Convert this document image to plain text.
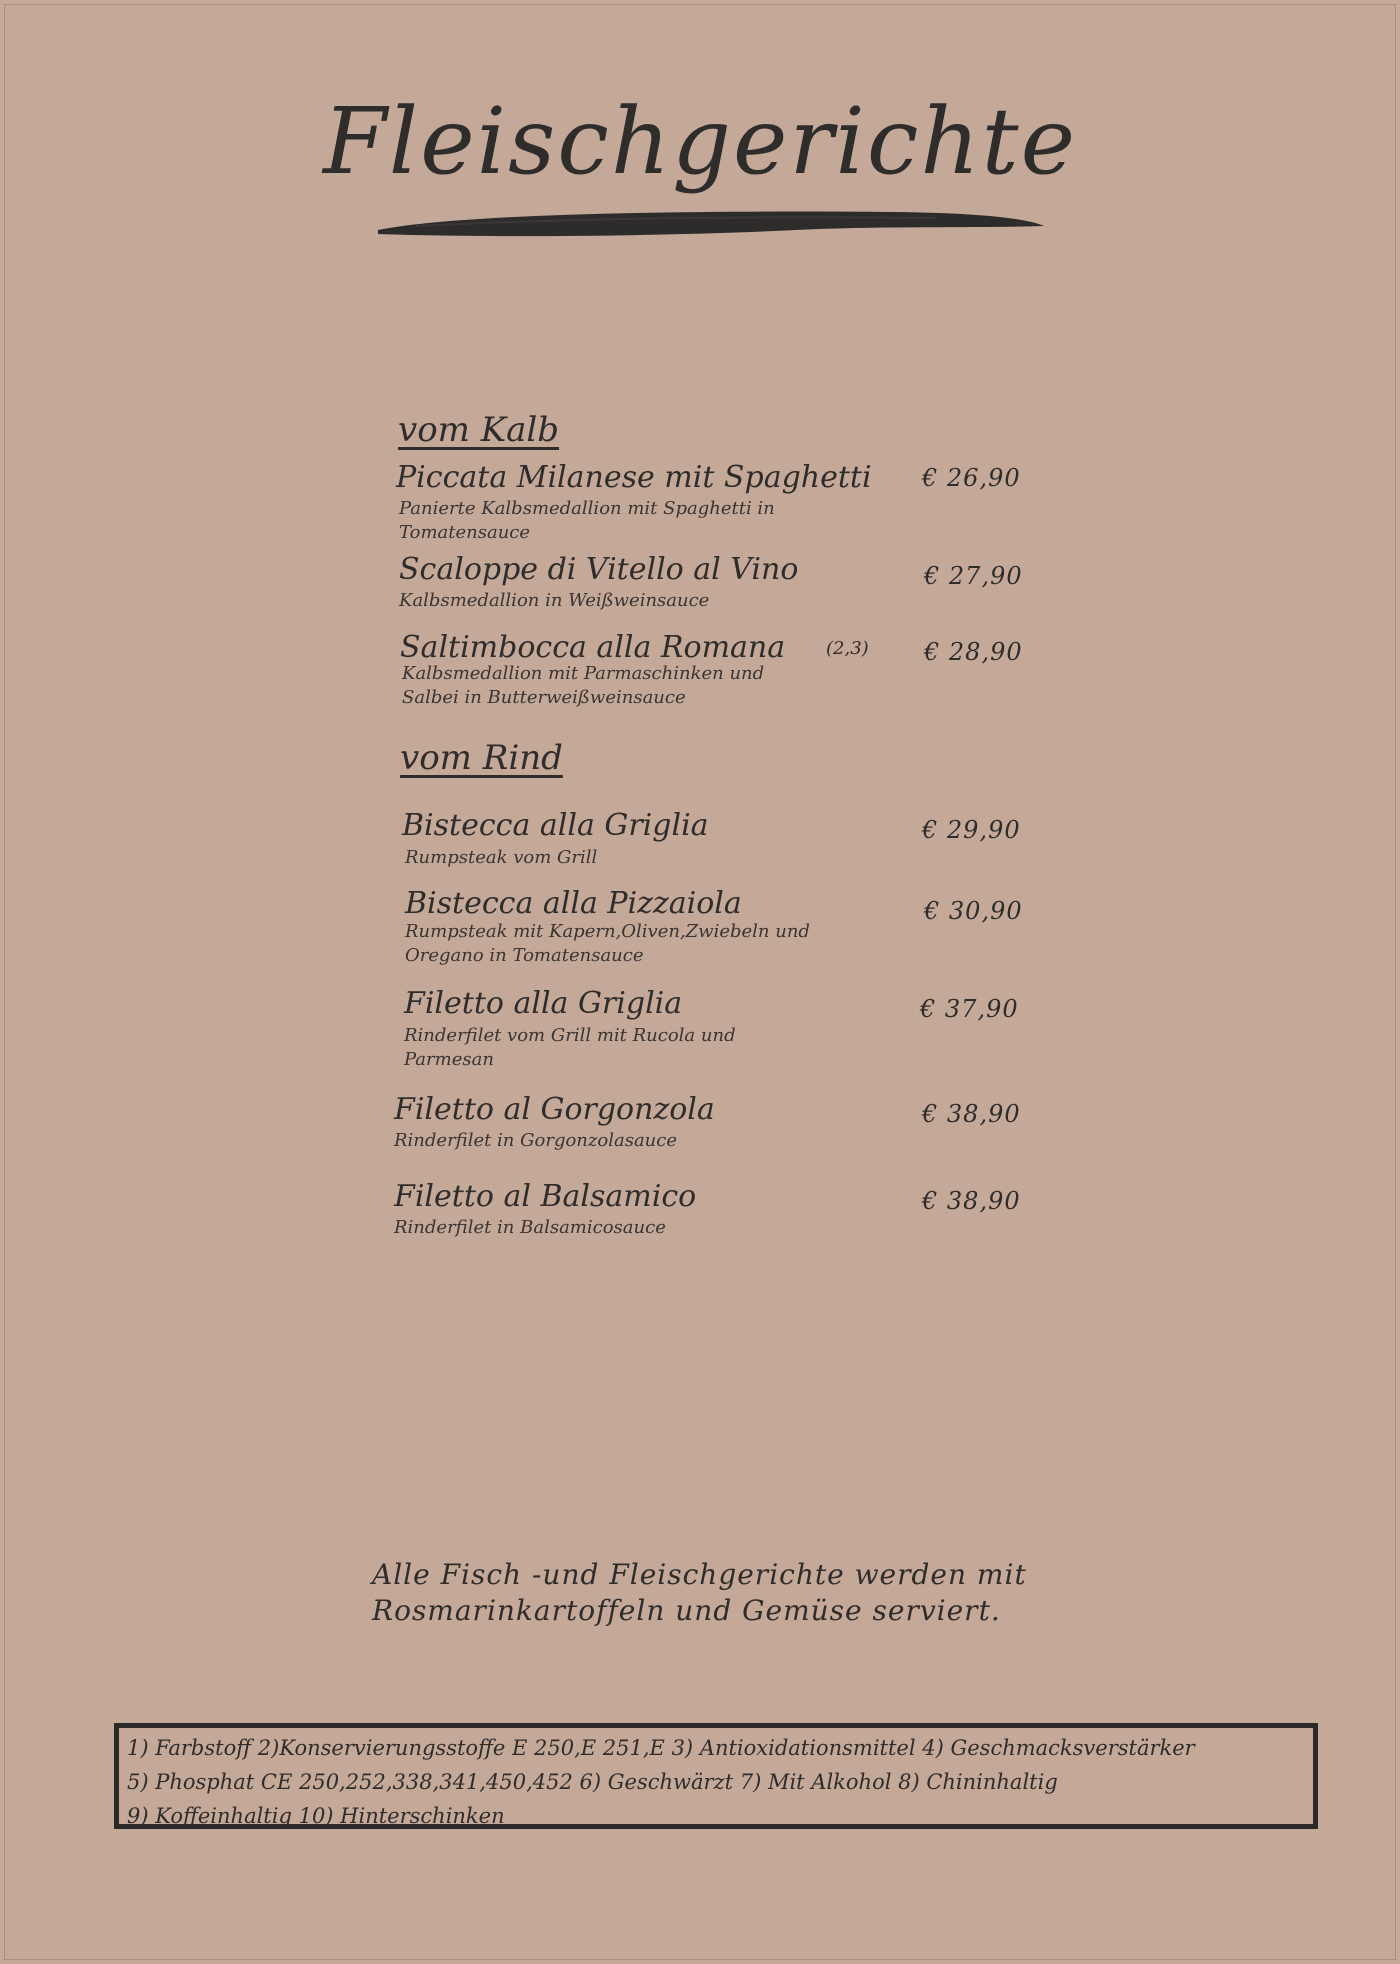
Fleischgerichte
vom Kalb
Piccata Milanese mit Spaghetti
Panierte Kalbsmedallion mit Spaghetti in Tomatensauce
€ 26,90
Scaloppe di Vitello al Vino
Kalbsmedallion in Weißweinsauce
€ 27,90
Saltimbocca alla Romana (2,3)
Kalbsmedallion mit Parmaschinken und Salbei in Butterweißweinsauce
€ 28,90
vom Rind
Bistecca alla Griglia
Rumpsteak vom Grill
€ 29,90
Bistecca alla Pizzaiola
Rumpsteak mit Kapern,Oliven,Zwiebeln und Oregano in Tomatensauce
€ 30,90
Filetto alla Griglia
Rinderfilet vom Grill mit Rucola und Parmesan
€ 37,90
Filetto al Gorgonzola
Rinderfilet in Gorgonzolasauce
€ 38,90
Filetto al Balsamico
Rinderfilet in Balsamicosauce
€ 38,90
Alle Fisch -und Fleischgerichte werden mit Rosmarinkartoffeln und Gemüse serviert.
1) Farbstoff 2)Konservierungsstoffe E 250,E 251,E 3) Antioxidationsmittel 4) Geschmacksverstärker
5) Phosphat CE 250,252,338,341,450,452 6) Geschwärzt 7) Mit Alkohol 8) Chininhaltig
9) Koffeinhaltig 10) Hinterschinken
